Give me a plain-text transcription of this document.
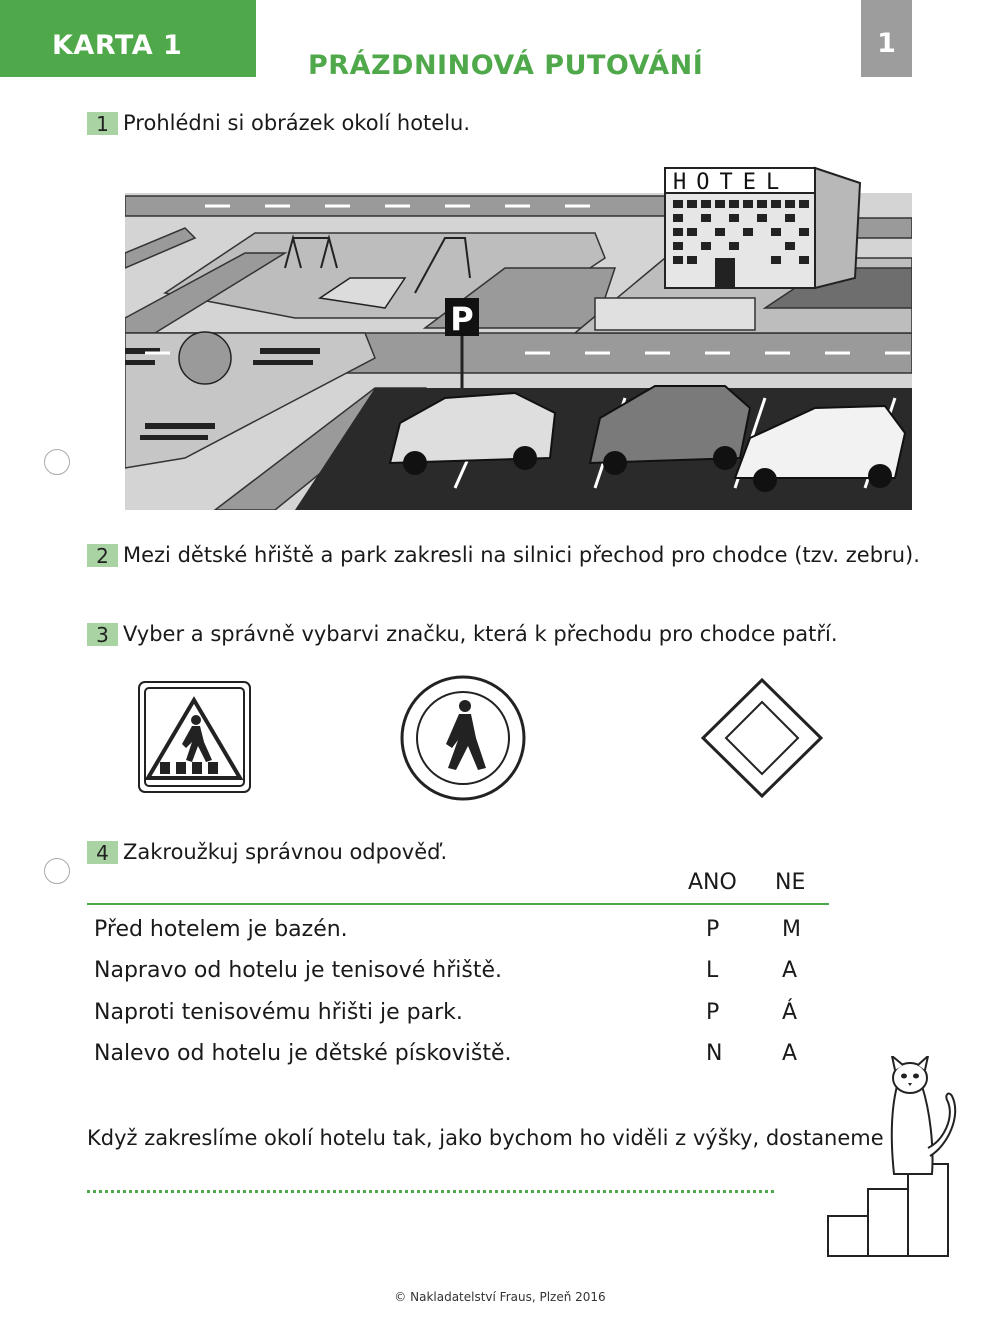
KARTA 1
PRÁZDNINOVÁ PUTOVÁNÍ
1
1 Prohlédni si obrázek okolí hotelu.
HOTEL
P
2 Mezi dětské hřiště a park zakresli na silnici přechod pro chodce (tzv. zebru).
3 Vyber a správně vybarvi značku, která k přechodu pro chodce patří.
4 Zakroužkuj správnou odpověď.
ANO NE
Před hotelem je bazén.	P	M
Napravo od hotelu je tenisové hřiště.	L	A
Naproti tenisovému hřišti je park.	P	Á
Nalevo od hotelu je dětské pískoviště.	N	A
Když zakreslíme okolí hotelu tak, jako bychom ho viděli z výšky, dostaneme
© Nakladatelství Fraus, Plzeň 2016
